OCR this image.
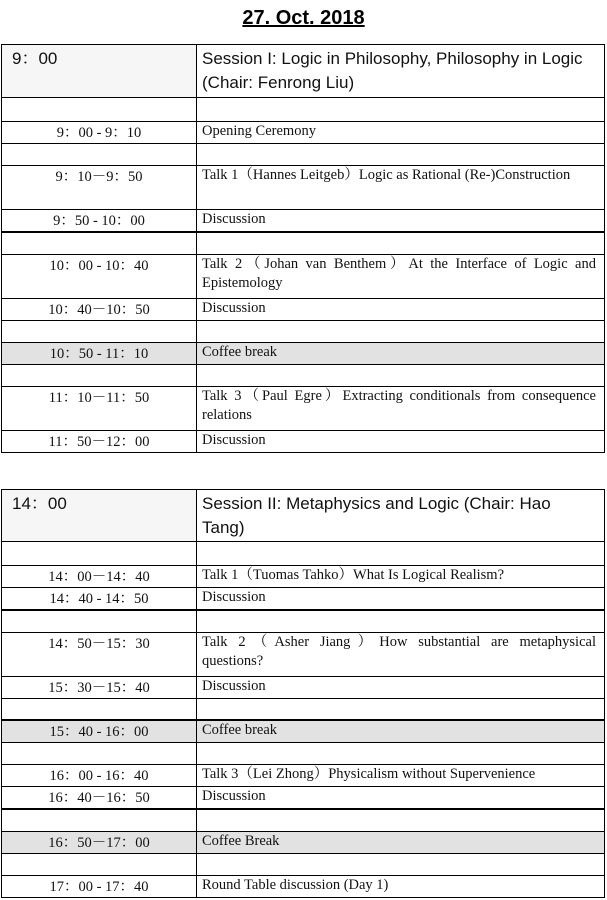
27. Oct. 2018
9：00	Session I: Logic in Philosophy, Philosophy in Logic (Chair: Fenrong Liu)

9：00 - 9：10	Opening Ceremony

9：10－9：50	Talk 1（Hannes Leitgeb）Logic as Rational (Re-)Construction
9：50 - 10：00	Discussion

10：00 - 10：40	Talk 2（Johan van Benthem）At the Interface of Logic and Epistemology
10：40－10：50	Discussion

10：50 - 11：10	Coffee break

11：10－11：50	Talk 3（Paul Egre）Extracting conditionals from consequence relations
11：50－12：00	Discussion
14：00	Session II: Metaphysics and Logic (Chair: Hao Tang)

14：00－14：40	Talk 1（Tuomas Tahko）What Is Logical Realism?
14：40 - 14：50	Discussion

14：50－15：30	Talk 2（Asher Jiang）How substantial are metaphysical questions?
15：30－15：40	Discussion

15：40 - 16：00	Coffee break

16：00 - 16：40	Talk 3（Lei Zhong）Physicalism without Supervenience
16：40－16：50	Discussion

16：50－17：00	Coffee Break

17：00 - 17：40	Round Table discussion (Day 1)
